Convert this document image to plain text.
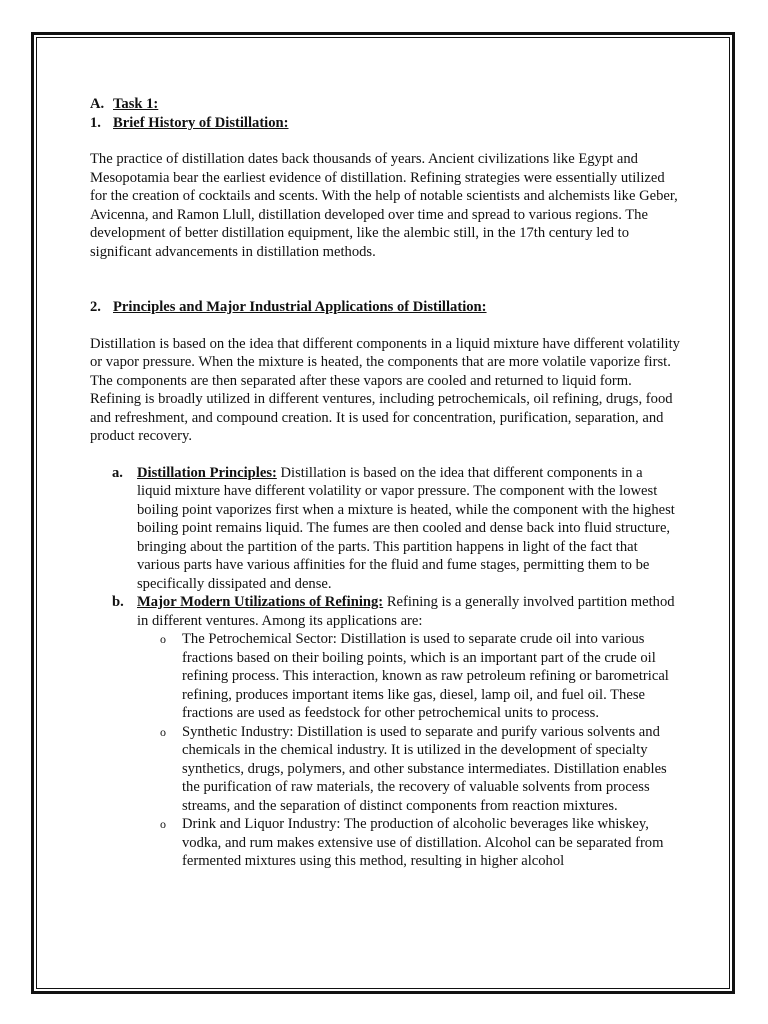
A. Task 1:
1. Brief History of Distillation:

The practice of distillation dates back thousands of years. Ancient civilizations like Egypt and Mesopotamia bear the earliest evidence of distillation. Refining strategies were essentially utilized for the creation of cocktails and scents. With the help of notable scientists and alchemists like Geber, Avicenna, and Ramon Llull, distillation developed over time and spread to various regions. The development of better distillation equipment, like the alembic still, in the 17th century led to significant advancements in distillation methods.

2. Principles and Major Industrial Applications of Distillation:

Distillation is based on the idea that different components in a liquid mixture have different volatility or vapor pressure. When the mixture is heated, the components that are more volatile vaporize first. The components are then separated after these vapors are cooled and returned to liquid form. Refining is broadly utilized in different ventures, including petrochemicals, oil refining, drugs, food and refreshment, and compound creation. It is used for concentration, purification, separation, and product recovery.

a. Distillation Principles: Distillation is based on the idea that different components in a liquid mixture have different volatility or vapor pressure. The component with the lowest boiling point vaporizes first when a mixture is heated, while the component with the highest boiling point remains liquid. The fumes are then cooled and dense back into fluid structure, bringing about the partition of the parts. This partition happens in light of the fact that various parts have various affinities for the fluid and fume stages, permitting them to be specifically dissipated and dense.
b. Major Modern Utilizations of Refining: Refining is a generally involved partition method in different ventures. Among its applications are:
o	The Petrochemical Sector: Distillation is used to separate crude oil into various fractions based on their boiling points, which is an important part of the crude oil refining process. This interaction, known as raw petroleum refining or barometrical refining, produces important items like gas, diesel, lamp oil, and fuel oil. These fractions are used as feedstock for other petrochemical units to process.
o	Synthetic Industry: Distillation is used to separate and purify various solvents and chemicals in the chemical industry. It is utilized in the development of specialty synthetics, drugs, polymers, and other substance intermediates. Distillation enables the purification of raw materials, the recovery of valuable solvents from process streams, and the separation of distinct components from reaction mixtures.
o	Drink and Liquor Industry: The production of alcoholic beverages like whiskey, vodka, and rum makes extensive use of distillation. Alcohol can be separated from fermented mixtures using this method, resulting in higher alcohol
